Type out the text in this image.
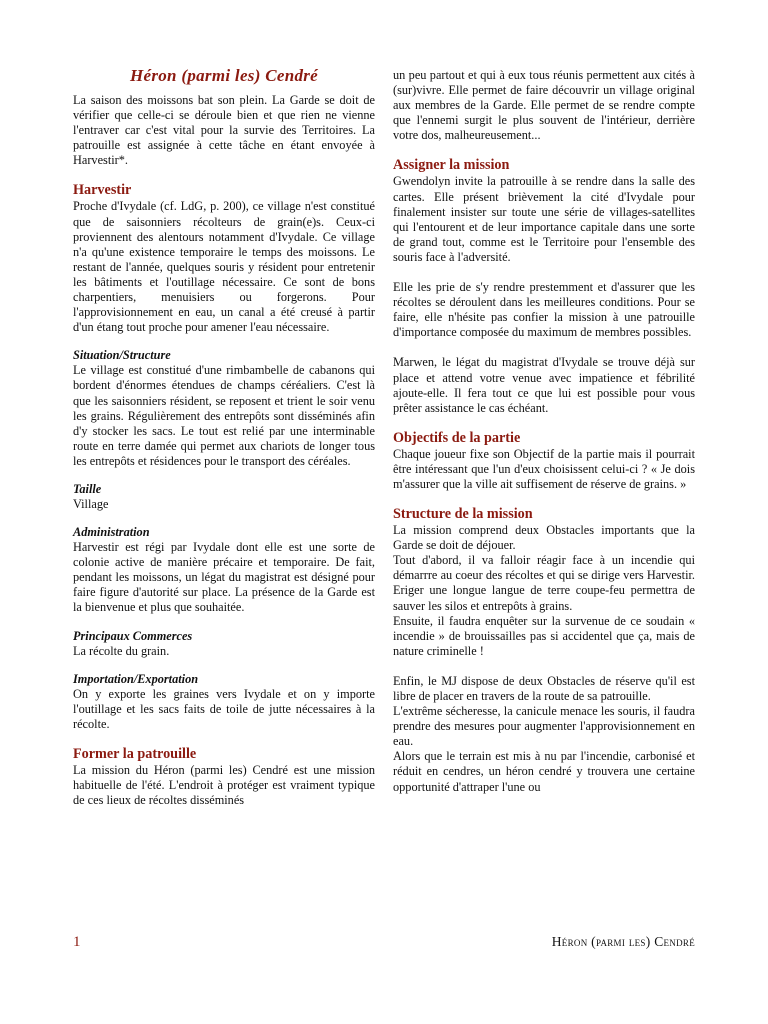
Héron (parmi les) Cendré

La saison des moissons bat son plein. La Garde se doit de vérifier que celle-ci se déroule bien et que rien ne vienne l'entraver car c'est vital pour la survie des Territoires. La patrouille est assignée à cette tâche en étant envoyée à Harvestir*.

Harvestir

Proche d'Ivydale (cf. LdG, p. 200), ce village n'est constitué que de saisonniers récolteurs de grain(e)s. Ceux-ci proviennent des alentours notamment d'Ivydale. Ce village n'a qu'une existence temporaire le temps des moissons. Le restant de l'année, quelques souris y résident pour entretenir les bâtiments et l'outillage nécessaire. Ce sont de bons charpentiers, menuisiers ou forgerons. Pour l'approvisionnement en eau, un canal a été creusé à partir d'un étang tout proche pour amener l'eau nécessaire.

Situation/Structure

Le village est constitué d'une rimbambelle de cabanons qui bordent d'énormes étendues de champs céréaliers. C'est là que les saisonniers résident, se reposent et trient le soir venu les grains. Régulièrement des entrepôts sont disséminés afin d'y stocker les sacs. Le tout est relié par une interminable route en terre damée qui permet aux chariots de longer tous les entrepôts et résidences pour le transport des céréales.

Taille

Village

Administration

Harvestir est régi par Ivydale dont elle est une sorte de colonie active de manière précaire et temporaire. De fait, pendant les moissons, un légat du magistrat est désigné pour faire figure d'autorité sur place. La présence de la Garde est la bienvenue et plus que souhaitée.

Principaux Commerces

La récolte du grain.

Importation/Exportation

On y exporte les graines vers Ivydale et on y importe l'outillage et les sacs faits de toile de jutte nécessaires à la récolte.

Former la patrouille

La mission du Héron (parmi les) Cendré est une mission habituelle de l'été. L'endroit à protéger est vraiment typique de ces lieux de récoltes disséminés

un peu partout et qui à eux tous réunis permettent aux cités à (sur)vivre. Elle permet de faire découvrir un village original aux membres de la Garde. Elle permet de se rendre compte que l'ennemi surgit le plus souvent de l'intérieur, derrière votre dos, malheureusement...

Assigner la mission

Gwendolyn invite la patrouille à se rendre dans la salle des cartes. Elle présent brièvement la cité d'Ivydale pour finalement insister sur toute une série de villages-satellites qui l'entourent et de leur importance capitale dans une sorte de grand tout, comme est le Territoire pour l'ensemble des souris face à l'adversité.

Elle les prie de s'y rendre prestemment et d'assurer que les récoltes se déroulent dans les meilleures conditions. Pour se faire, elle n'hésite pas confier la mission à une patrouille d'importance composée du maximum de membres possibles.

Marwen, le légat du magistrat d'Ivydale se trouve déjà sur place et attend votre venue avec impatience et fébrilité ajoute-elle. Il fera tout ce que lui est possible pour vous prêter assistance le cas échéant.

Objectifs de la partie

Chaque joueur fixe son Objectif de la partie mais il pourrait être intéressant que l'un d'eux choisissent celui-ci ? « Je dois m'assurer que la ville ait suffisement de réserve de grains. »

Structure de la mission

La mission comprend deux Obstacles importants que la Garde se doit de déjouer.

Tout d'abord, il va falloir réagir face à un incendie qui démarrre au coeur des récoltes et qui se dirige vers Harvestir. Eriger une longue langue de terre coupe-feu permettra de sauver les silos et entrepôts à grains.

Ensuite, il faudra enquêter sur la survenue de ce soudain « incendie » de brouissailles pas si accidentel que ça, mais de nature criminelle !

Enfin, le MJ dispose de deux Obstacles de réserve qu'il est libre de placer en travers de la route de sa patrouille.

L'extrême sécheresse, la canicule menace les souris, il faudra prendre des mesures pour augmenter l'approvisionnement en eau.

Alors que le terrain est mis à nu par l'incendie, carbonisé et réduit en cendres, un héron cendré y trouvera une certaine opportunité d'attraper l'une ou

1	Héron (parmi les) Cendré
